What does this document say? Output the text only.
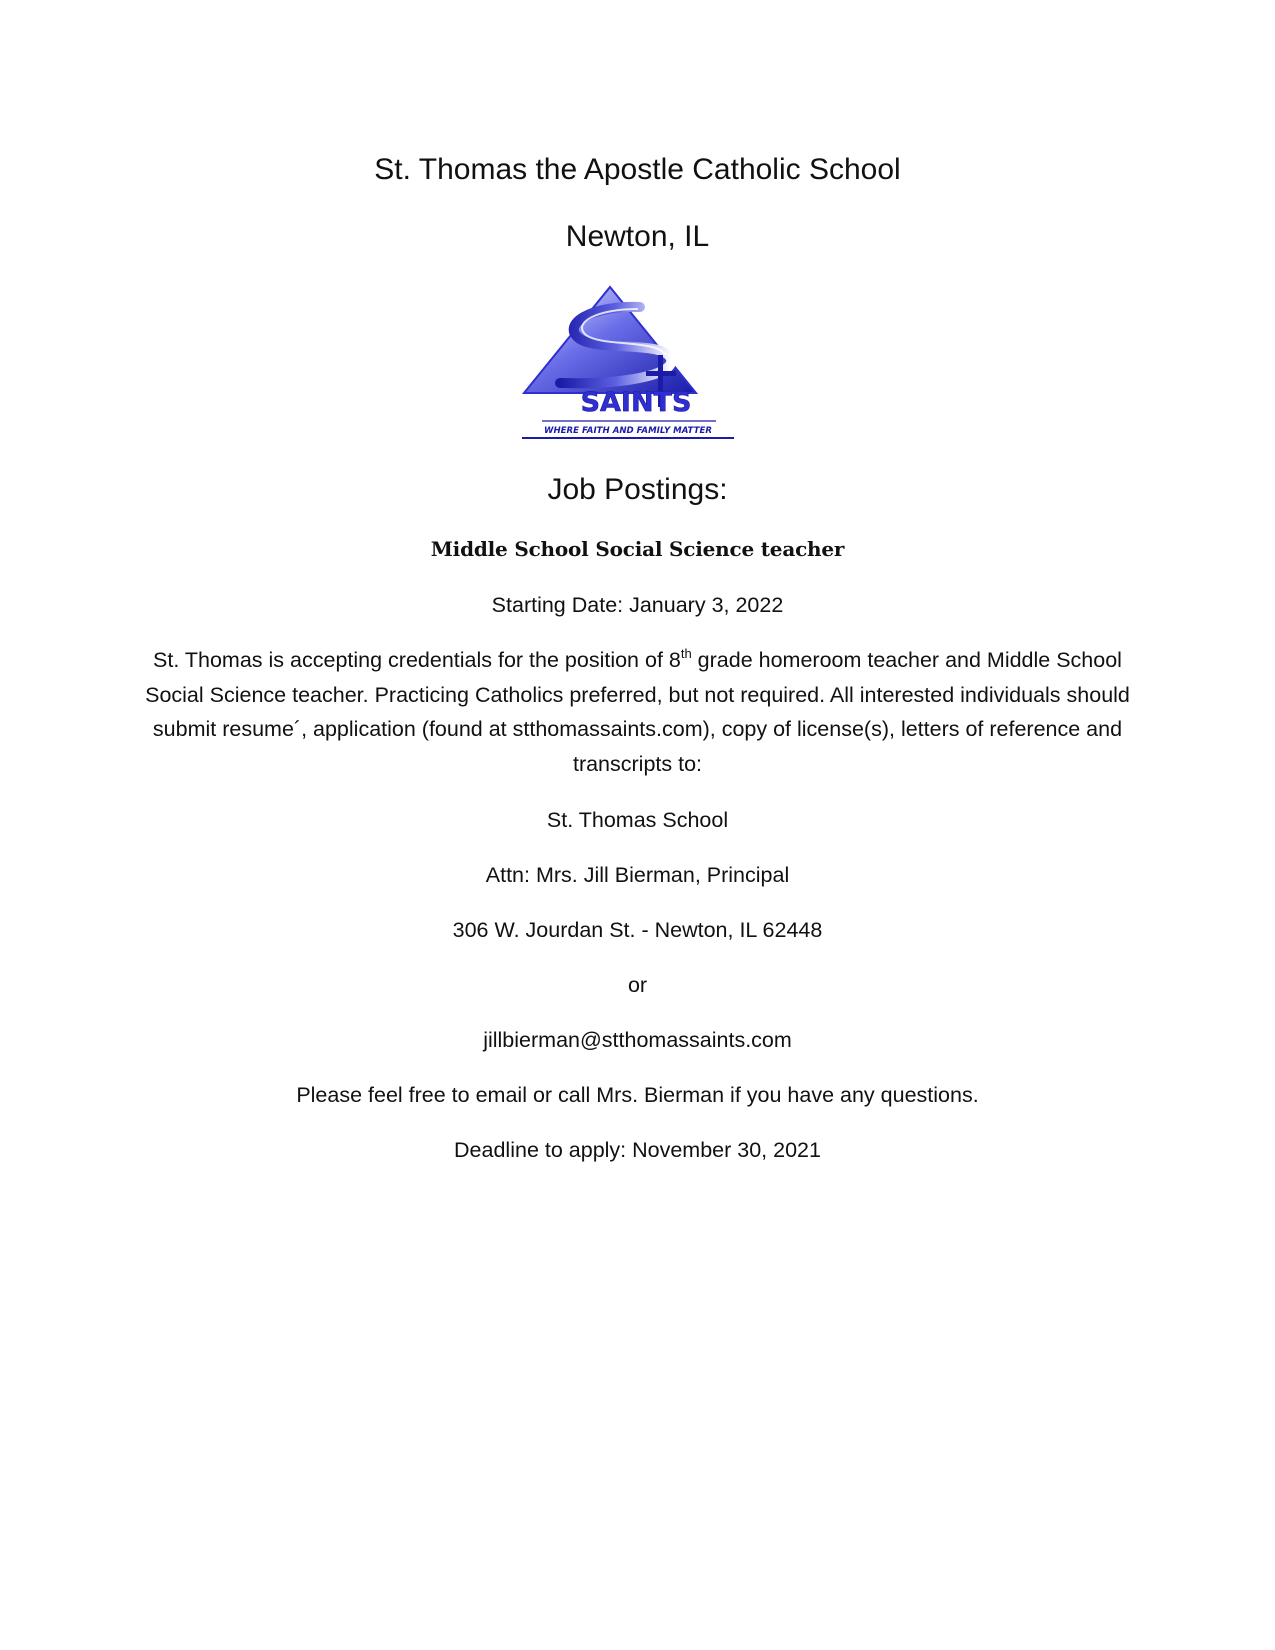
St. Thomas the Apostle Catholic School
Newton, IL
SAINTS
WHERE FAITH AND FAMILY MATTER
Job Postings:
Middle School Social Science teacher
Starting Date: January 3, 2022
St. Thomas is accepting credentials for the position of 8th grade homeroom teacher and Middle School Social Science teacher. Practicing Catholics preferred, but not required. All interested individuals should submit resume´, application (found at stthomassaints.com), copy of license(s), letters of reference and transcripts to:
St. Thomas School
Attn: Mrs. Jill Bierman, Principal
306 W. Jourdan St. - Newton, IL 62448
or
jillbierman@stthomassaints.com
Please feel free to email or call Mrs. Bierman if you have any questions.
Deadline to apply: November 30, 2021
